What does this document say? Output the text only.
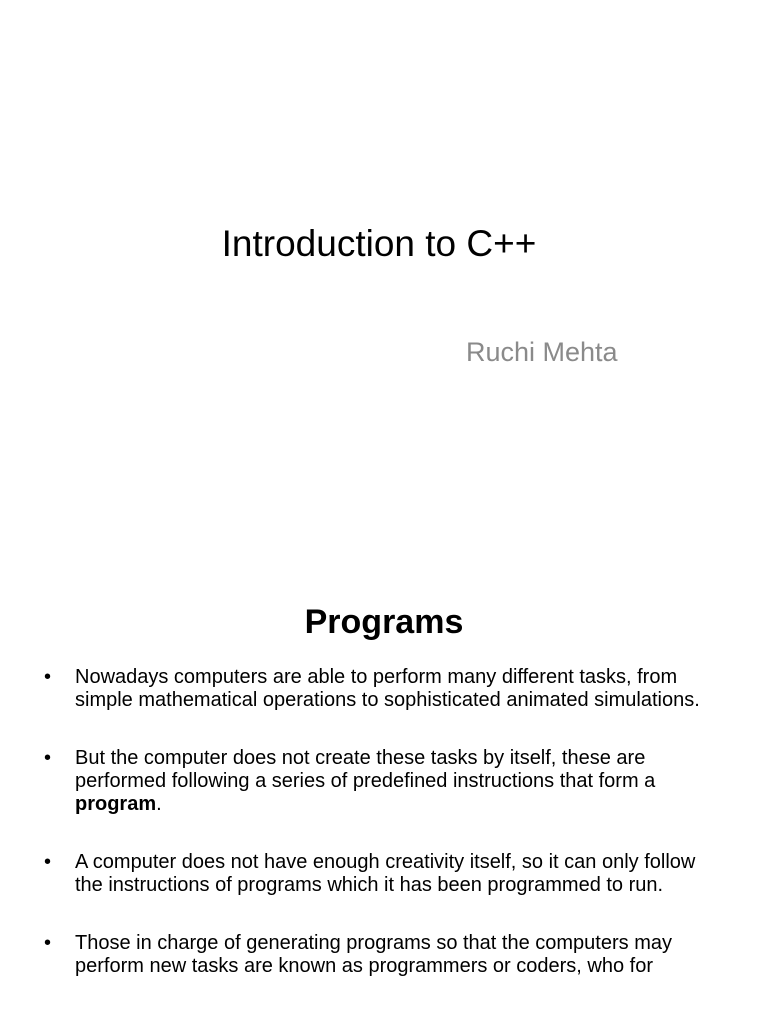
Introduction to C++
Ruchi Mehta
Programs
• Nowadays computers are able to perform many different tasks, from simple mathematical operations to sophisticated animated simulations.
• But the computer does not create these tasks by itself, these are performed following a series of predefined instructions that form a program.
• A computer does not have enough creativity itself, so it can only follow the instructions of programs which it has been programmed to run.
• Those in charge of generating programs so that the computers may perform new tasks are known as programmers or coders, who for
